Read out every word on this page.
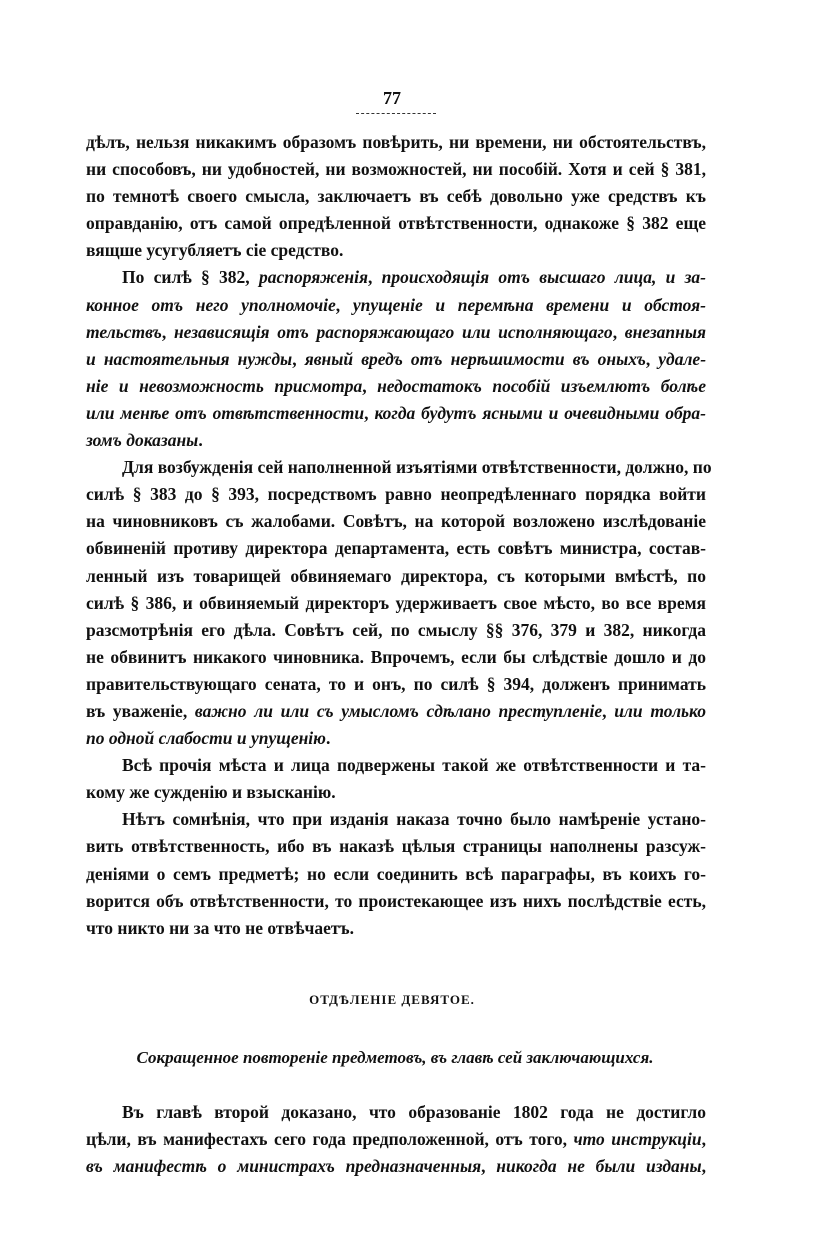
77
дѣлъ, нельзя никакимъ образомъ повѣрить, ни времени, ни обстоятельствъ,
ни способовъ, ни удобностей, ни возможностей, ни пособій. Хотя и сей § 381,
по темнотѣ своего смысла, заключаетъ въ себѣ довольно уже средствъ къ
оправданію, отъ самой опредѣленной отвѣтственности, однакоже § 382 еще
вящше усугубляетъ сіе средство.
По силѣ § 382, распоряженія, происходящія отъ высшаго лица, и за-
конное отъ него уполномочіе, упущеніе и перемѣна времени и обстоя-
тельствъ, независящія отъ распоряжающаго или исполняющаго, внезапныя
и настоятельныя нужды, явный вредъ отъ нерѣшимости въ оныхъ, удале-
ніе и невозможность присмотра, недостатокъ пособій изъемлютъ болѣе
или менѣе отъ отвѣтственности, когда будутъ ясными и очевидными обра-
зомъ доказаны.
Для возбужденія сей наполненной изъятіями отвѣтственности, должно, по
силѣ § 383 до § 393, посредствомъ равно неопредѣленнаго порядка войти
на чиновниковъ съ жалобами. Совѣтъ, на которой возложено изслѣдованіе
обвиненій противу директора департамента, есть совѣтъ министра, состав-
ленный изъ товарищей обвиняемаго директора, съ которыми вмѣстѣ, по
силѣ § 386, и обвиняемый директоръ удерживаетъ свое мѣсто, во все время
разсмотрѣнія его дѣла. Совѣтъ сей, по смыслу §§ 376, 379 и 382, никогда
не обвинитъ никакого чиновника. Впрочемъ, если бы слѣдствіе дошло и до
правительствующаго сената, то и онъ, по силѣ § 394, долженъ принимать
въ уваженіе, важно ли или съ умысломъ сдѣлано преступленіе, или только
по одной слабости и упущенію.
Всѣ прочія мѣста и лица подвержены такой же отвѣтственности и та-
кому же сужденію и взысканію.
Нѣтъ сомнѣнія, что при изданія наказа точно было намѣреніе устано-
вить отвѣтственность, ибо въ наказѣ цѣлыя страницы наполнены разсуж-
деніями о семъ предметѣ; но если соединить всѣ параграфы, въ коихъ го-
ворится объ отвѣтственности, то проистекающее изъ нихъ послѣдствіе есть,
что никто ни за что не отвѣчаетъ.
ОТДѢЛЕНІЕ ДЕВЯТОЕ.
Сокращенное повтореніе предметовъ, въ главѣ сей заключающихся.
Въ главѣ второй доказано, что образованіе 1802 года не достигло
цѣли, въ манифестахъ сего года предположенной, отъ того, что инструкціи,
въ манифестѣ о министрахъ предназначенныя, никогда не были изданы,
